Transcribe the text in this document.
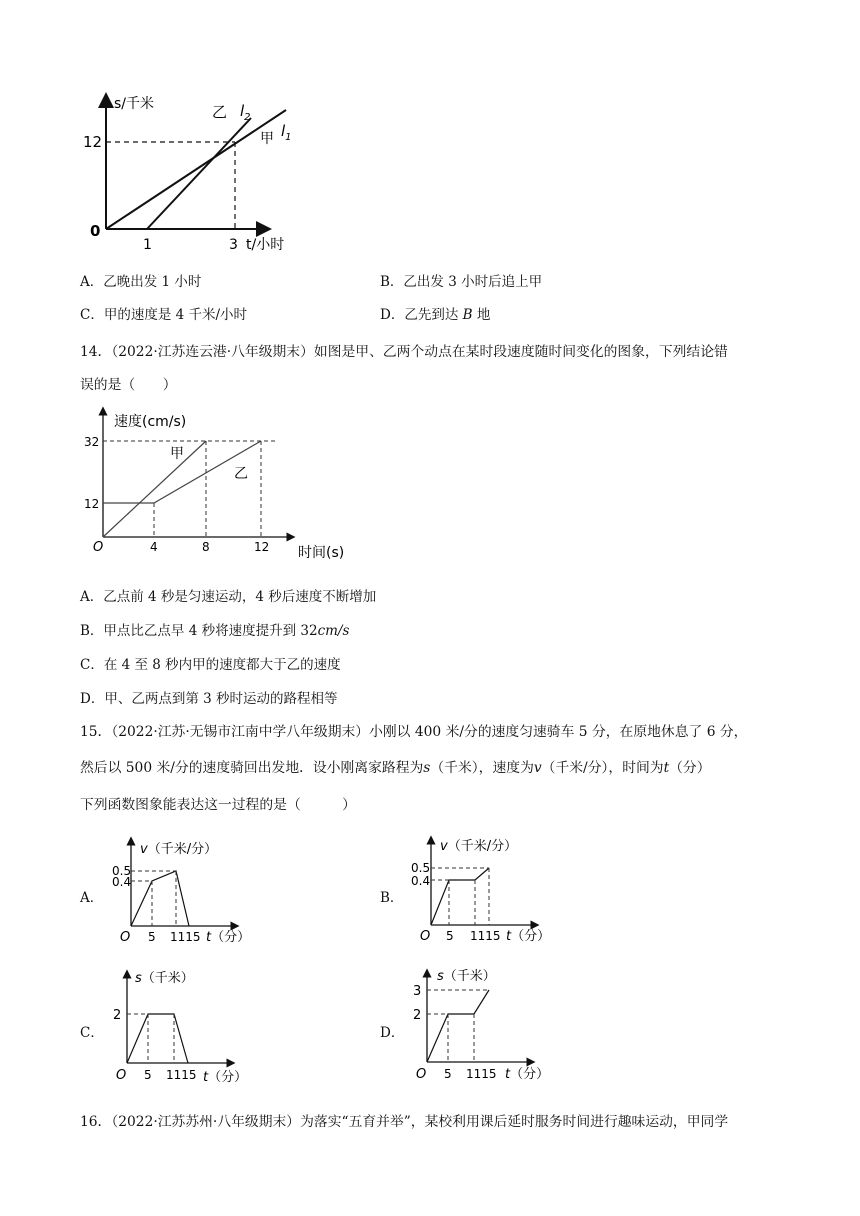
s/千米
t/小时
0
1	3
12
乙 $l_2$
甲 $l_1$
A．乙晚出发 1 小时	B．乙出发 3 小时后追上甲
C．甲的速度是 4 千米/小时	D．乙先到达 B 地
14．（2022·江苏连云港·八年级期末）如图是甲、乙两个动点在某时段速度随时间变化的图象，下列结论错
误的是（　　）
速度(cm/s)
时间(s)
O	4	8	12
12
32
甲
乙
A．乙点前 4 秒是匀速运动，4 秒后速度不断增加
B．甲点比乙点早 4 秒将速度提升到 32cm/s
C．在 4 至 8 秒内甲的速度都大于乙的速度
D．甲、乙两点到第 3 秒时运动的路程相等
15．（2022·江苏·无锡市江南中学八年级期末）小刚以 400 米/分的速度匀速骑车 5 分，在原地休息了 6 分，
然后以 500 米/分的速度骑回出发地．设小刚离家路程为s（千米），速度为v（千米/分），时间为t（分）
下列函数图象能表达这一过程的是（　　　）
A．	B．
C．	D．
v（千米/分）
0.5
0.4
O 5 1115 t（分）
v（千米/分）
0.5
0.4
O 5 1115 t（分）
s（千米）
2
O 5 1115 t（分）
s（千米）
3
2
O 5 1115 t（分）
16．（2022·江苏苏州·八年级期末）为落实“五育并举”，某校利用课后延时服务时间进行趣味运动，甲同学
